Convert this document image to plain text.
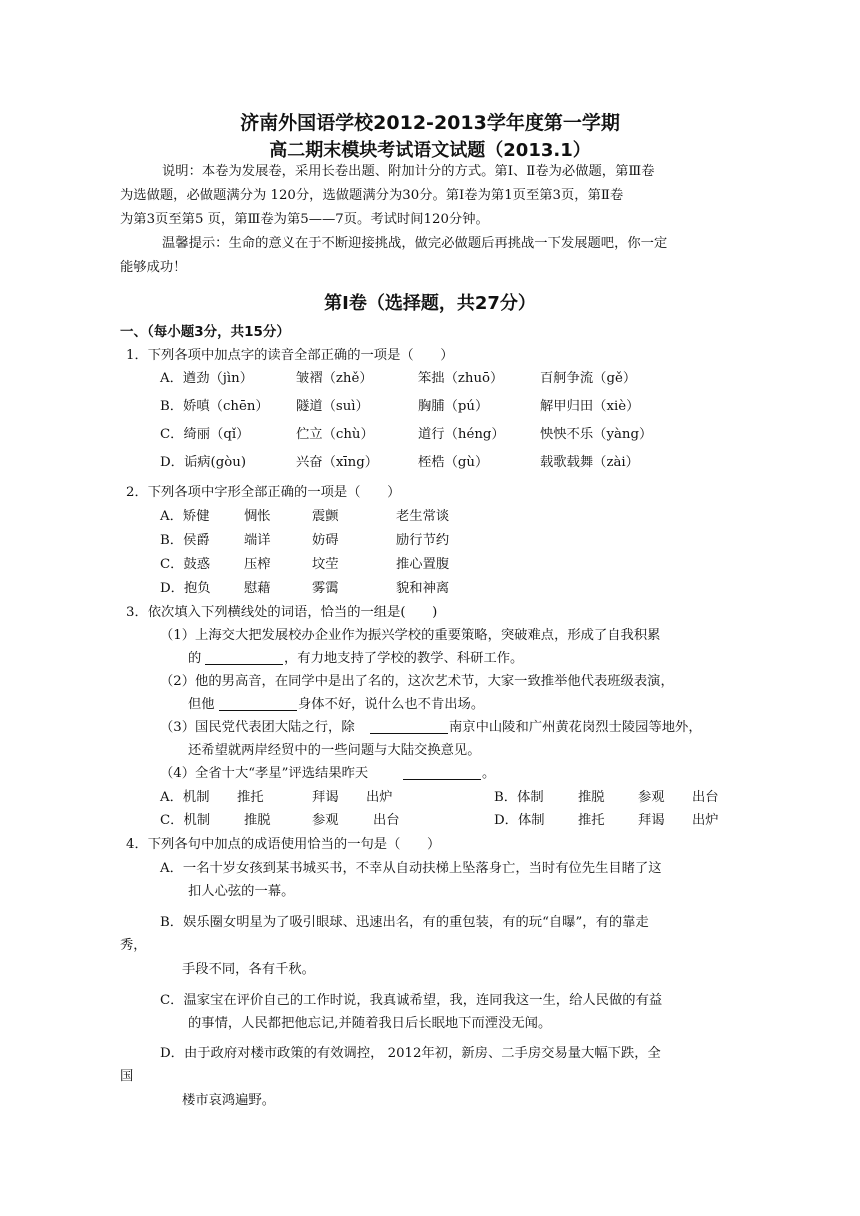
济南外国语学校2012-2013学年度第一学期
高二期末模块考试语文试题（2013.1）
说明：本卷为发展卷，采用长卷出题、附加计分的方式。第Ⅰ、Ⅱ卷为必做题，第Ⅲ卷
为选做题，必做题满分为 120分，选做题满分为30分。第Ⅰ卷为第1页至第3页，第Ⅱ卷
为第3页至第5 页，第Ⅲ卷为第5——7页。考试时间120分钟。
温馨提示：生命的意义在于不断迎接挑战，做完必做题后再挑战一下发展题吧，你一定
能够成功！
第Ⅰ卷（选择题，共27分）
一、（每小题3分，共15分）
1．下列各项中加点字的读音全部正确的一项是（　　）
A．遒劲（jìn）	皱褶（zhě）	笨拙（zhuō）	百舸争流（gě）
B．娇嗔（chēn） 隧道（suì）	胸脯（pú）	解甲归田（xiè）
C．绮丽（qǐ）	伫立（chù）	道行（héng）	怏怏不乐（yàng）
D．诟病(gòu)	兴奋（xīng）	桎梏（gù）	载歌载舞（zài）
2．下列各项中字形全部正确的一项是（　　）
A．矫健	惆怅	震颤	老生常谈
B．侯爵	端详	妨碍	励行节约
C．鼓惑	压榨	坟茔	推心置腹
D．抱负	慰藉	雾霭	貌和神离
3．依次填入下列横线处的词语，恰当的一组是(　　)
（1）上海交大把发展校办企业作为振兴学校的重要策略，突破难点，形成了自我积累
的	，有力地支持了学校的教学、科研工作。
（2）他的男高音，在同学中是出了名的，这次艺术节，大家一致推举他代表班级表演，
但他	身体不好，说什么也不肯出场。
（3）国民党代表团大陆之行，除	南京中山陵和广州黄花岗烈士陵园等地外，
还希望就两岸经贸中的一些问题与大陆交换意见。
（4）全省十大“孝星”评选结果昨天	。
A．机制 推托	拜谒 出炉	B．体制	推脱	参观 出台
C．机制	推脱	参观	出台	D．体制	推托	拜谒 出炉
4．下列各句中加点的成语使用恰当的一句是（　　）
A．一名十岁女孩到某书城买书，不幸从自动扶梯上坠落身亡，当时有位先生目睹了这
扣人心弦的一幕。
B．娱乐圈女明星为了吸引眼球、迅速出名，有的重包装，有的玩“自曝”，有的靠走
秀，
手段不同，各有千秋。
C．温家宝在评价自己的工作时说，我真诚希望，我，连同我这一生，给人民做的有益
的事情，人民都把他忘记,并随着我日后长眠地下而湮没无闻。
D．由于政府对楼市政策的有效调控， 2012年初，新房、二手房交易量大幅下跌，全
国
楼市哀鸿遍野。
